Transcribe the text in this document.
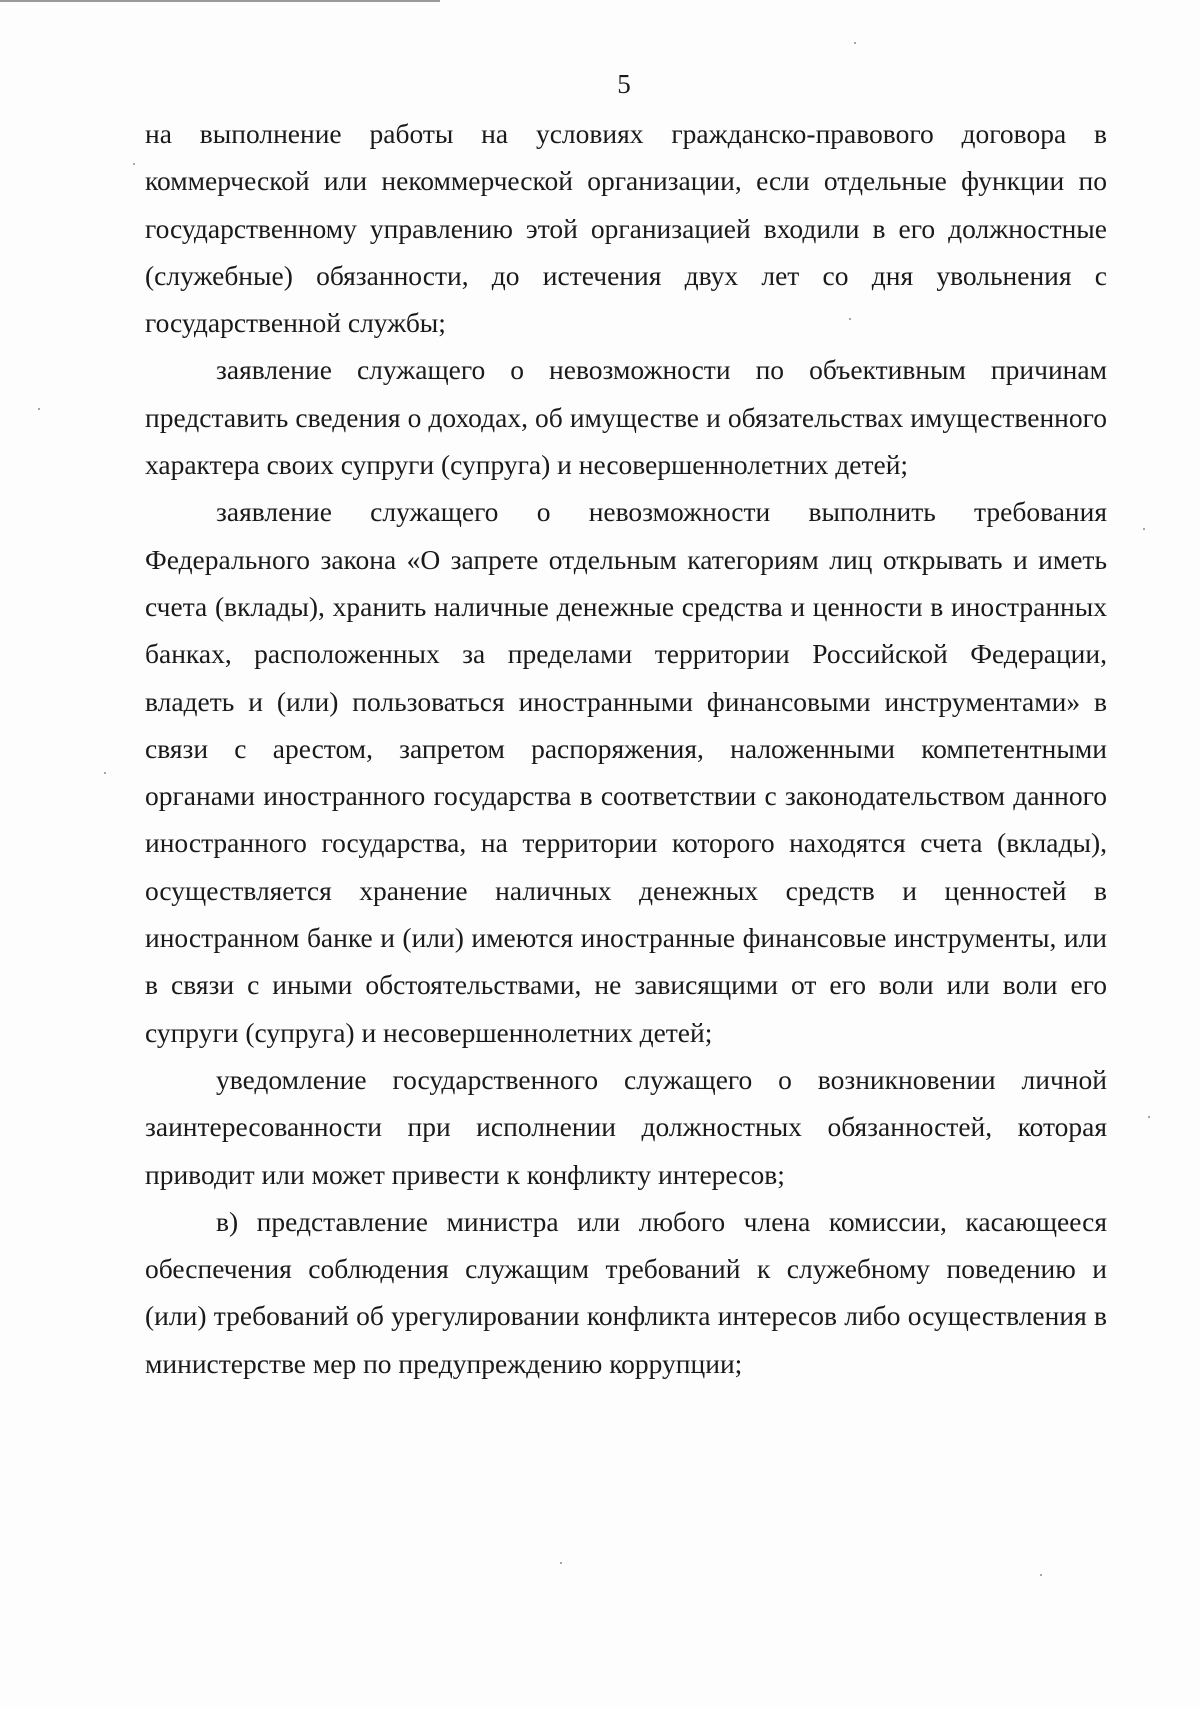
5

на выполнение работы на условиях гражданско-правового договора в коммерческой или некоммерческой организации, если отдельные функции по государственному управлению этой организацией входили в его должностные (служебные) обязанности, до истечения двух лет со дня увольнения с государственной службы;

заявление служащего о невозможности по объективным причинам представить сведения о доходах, об имуществе и обязательствах имущественного характера своих супруги (супруга) и несовершеннолетних детей;

заявление служащего о невозможности выполнить требования Федерального закона «О запрете отдельным категориям лиц открывать и иметь счета (вклады), хранить наличные денежные средства и ценности в иностранных банках, расположенных за пределами территории Российской Федерации, владеть и (или) пользоваться иностранными финансовыми инструментами» в связи с арестом, запретом распоряжения, наложенными компетентными органами иностранного государства в соответствии с законодательством данного иностранного государства, на территории которого находятся счета (вклады), осуществляется хранение наличных денежных средств и ценностей в иностранном банке и (или) имеются иностранные финансовые инструменты, или в связи с иными обстоятельствами, не зависящими от его воли или воли его супруги (супруга) и несовершеннолетних детей;

уведомление государственного служащего о возникновении личной заинтересованности при исполнении должностных обязанностей, которая приводит или может привести к конфликту интересов;

в) представление министра или любого члена комиссии, касающееся обеспечения соблюдения служащим требований к служебному поведению и (или) требований об урегулировании конфликта интересов либо осуществления в министерстве мер по предупреждению коррупции;
